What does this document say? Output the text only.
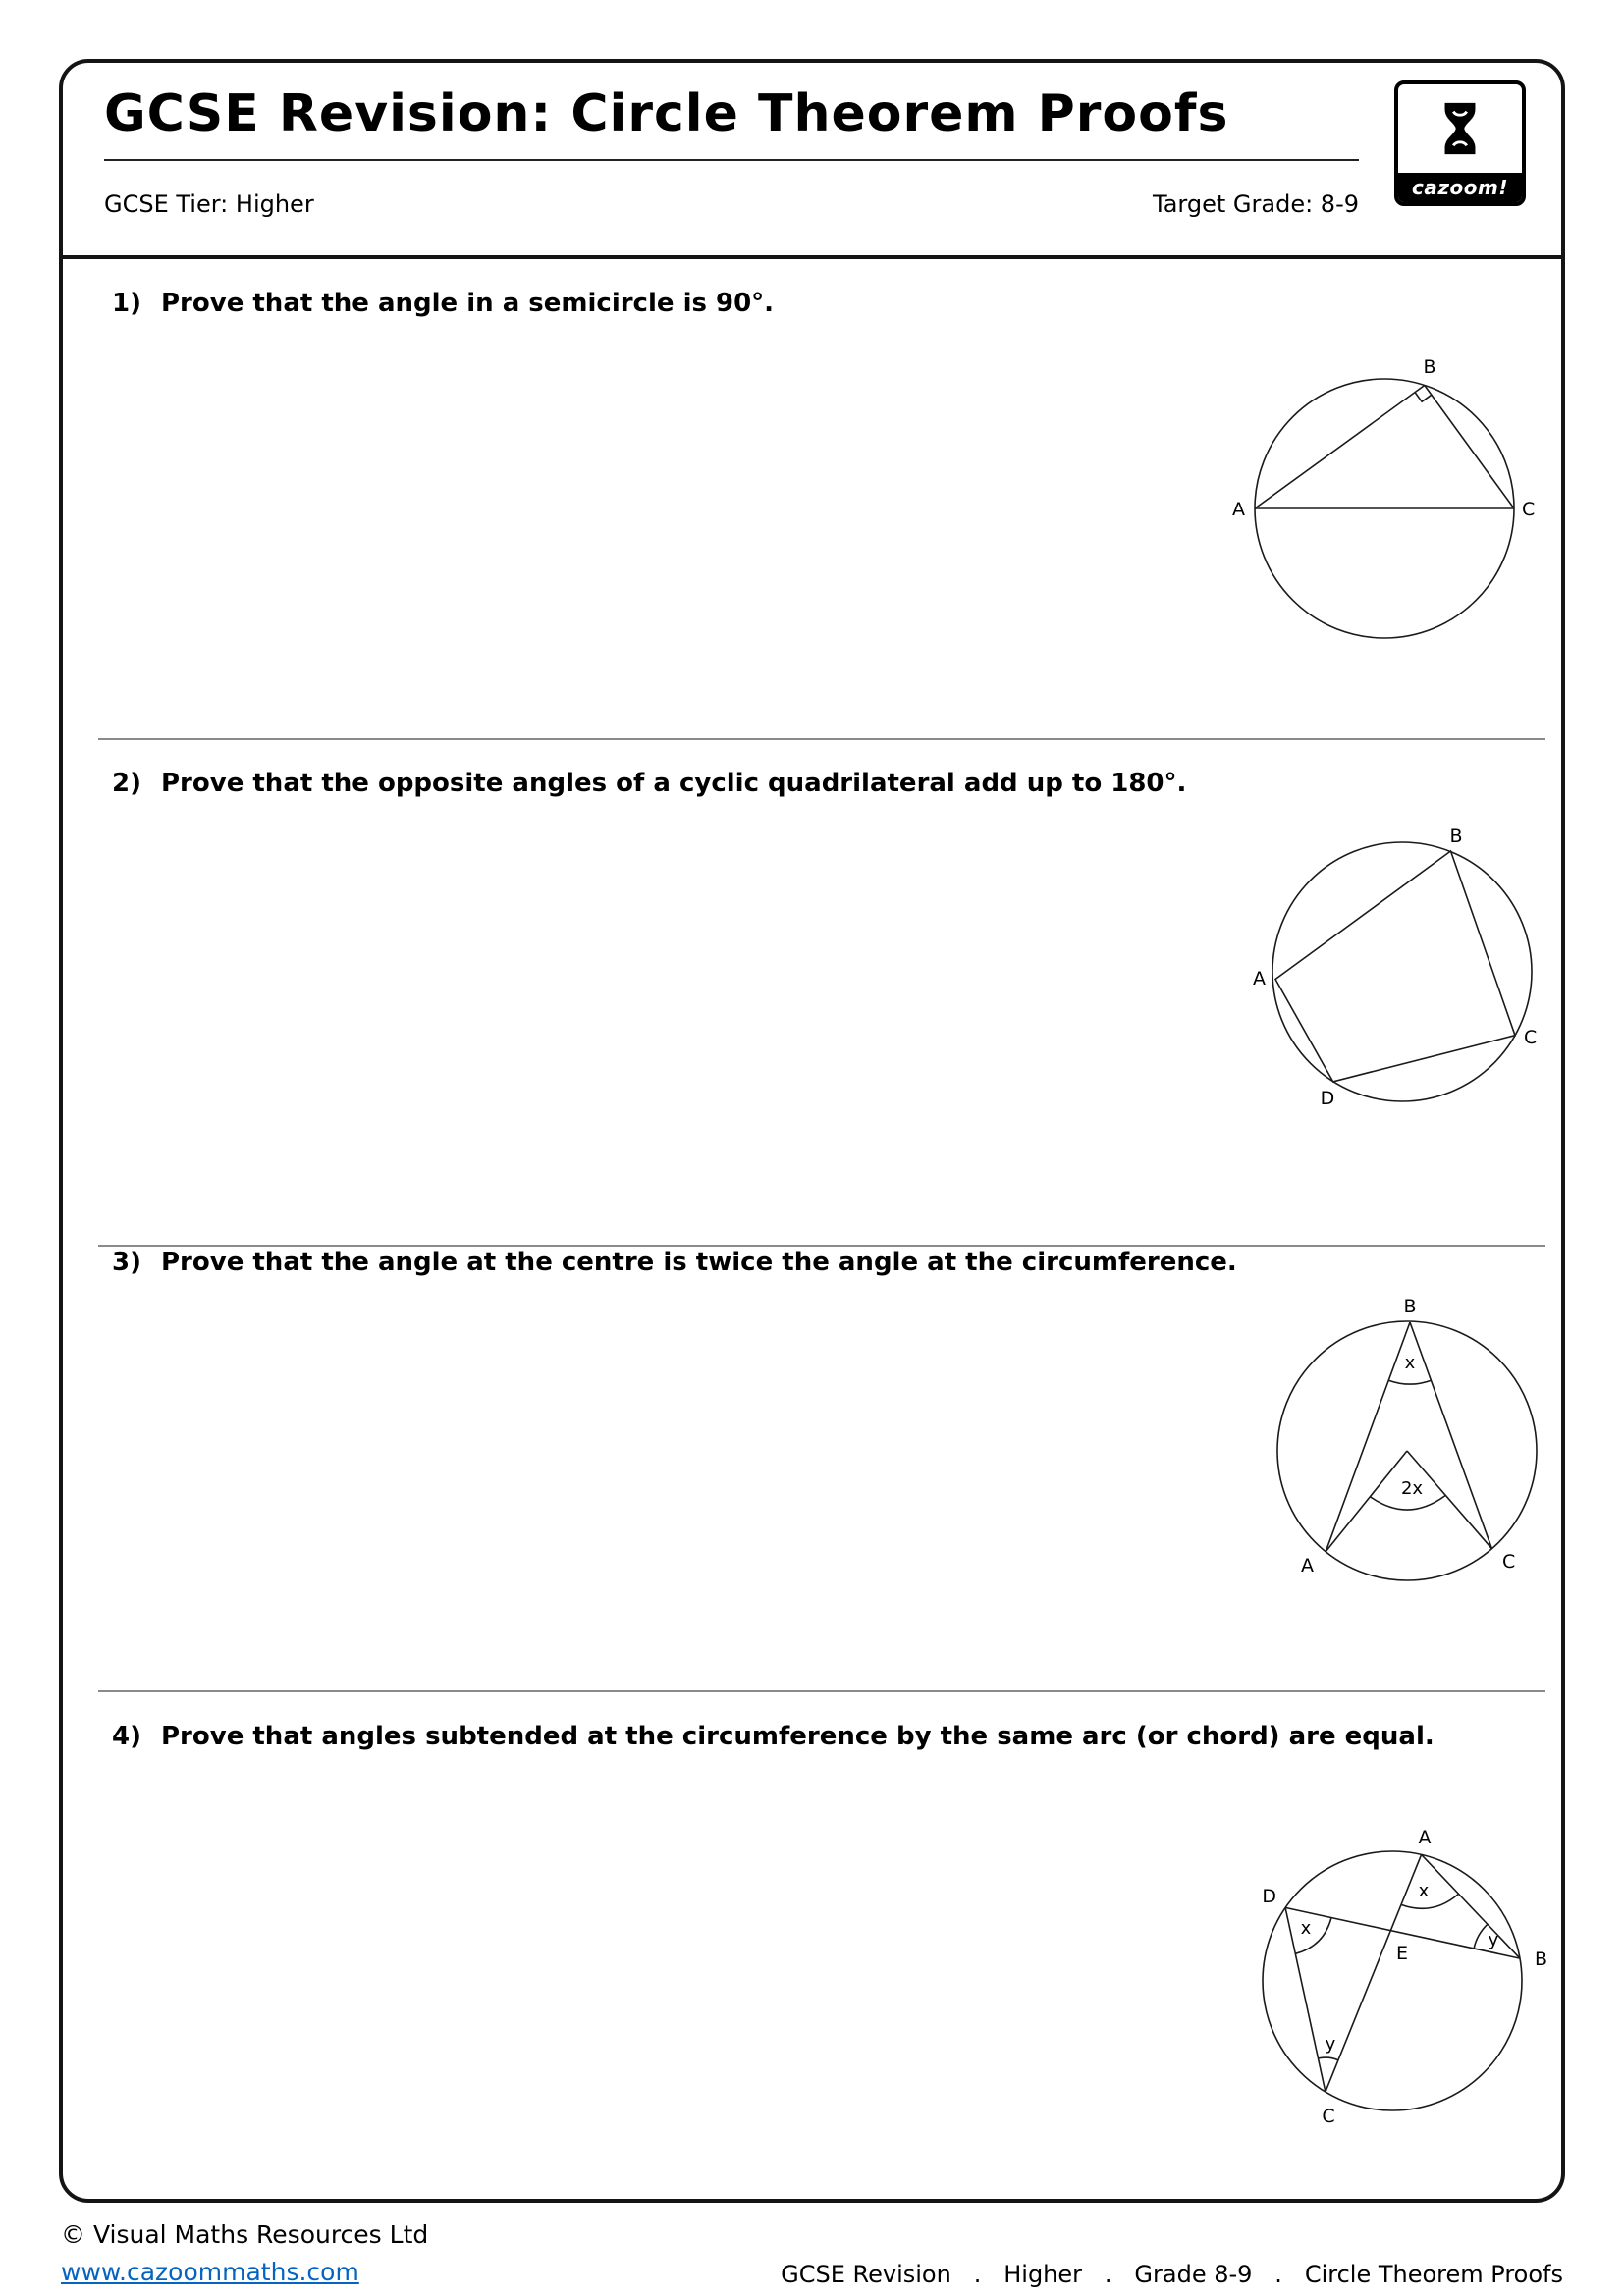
GCSE Revision: Circle Theorem Proofs
GCSE Tier: Higher	Target Grade: 8-9
cazoom!
1) Prove that the angle in a semicircle is 90°.
A
B
C
2) Prove that the opposite angles of a cyclic quadrilateral add up to 180°.
A
B
C
D
3) Prove that the angle at the centre is twice the angle at the circumference.
B
x
2x
A	C
4) Prove that angles subtended at the circumference by the same arc (or chord) are equal.
A
D
B
C
E
x
x
y
y
© Visual Maths Resources Ltd
www.cazoommaths.com	GCSE Revision   .   Higher   .   Grade 8-9   .   Circle Theorem Proofs
